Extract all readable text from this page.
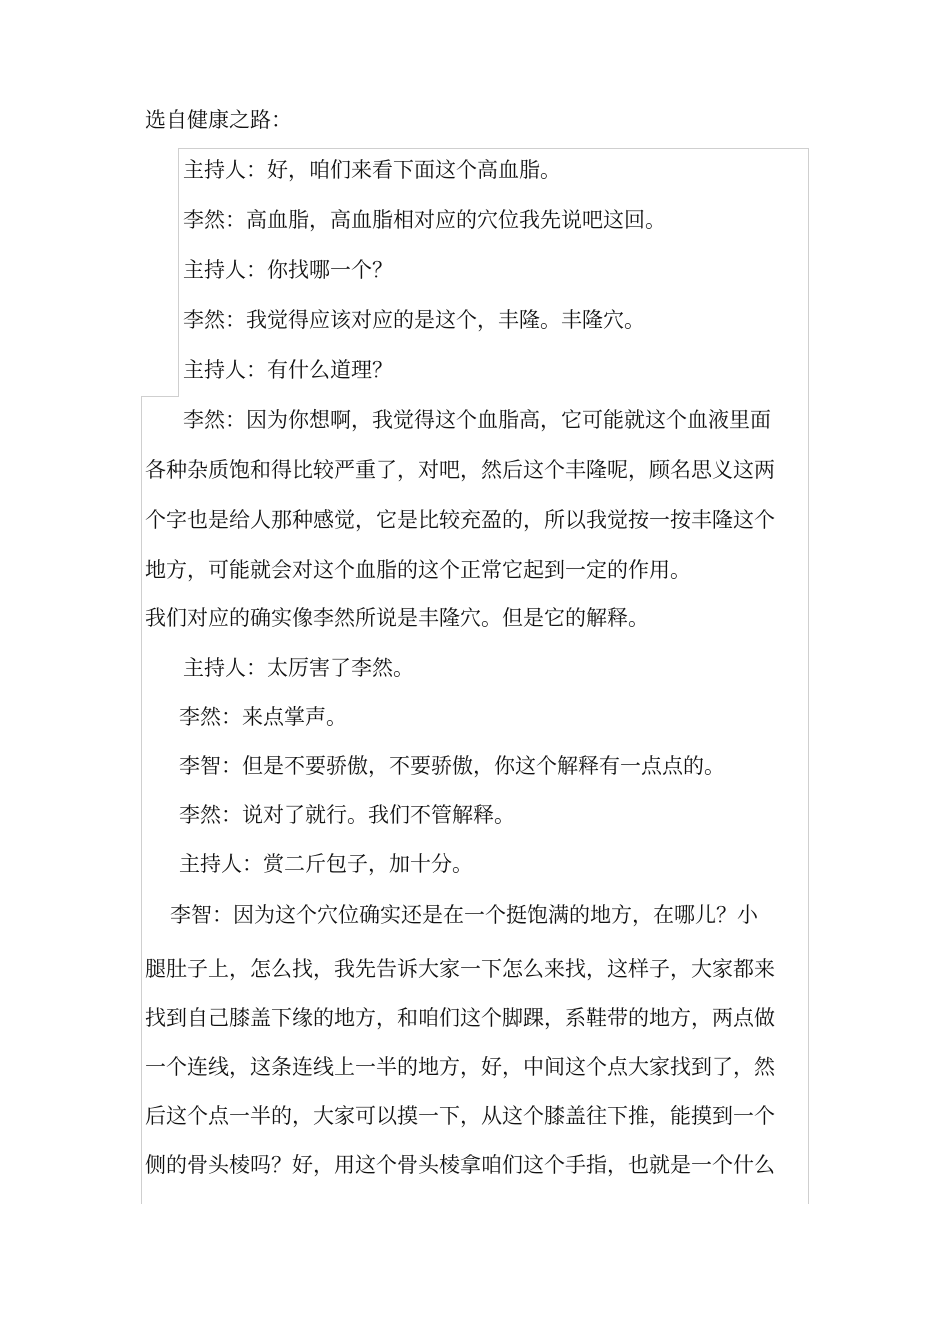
选自健康之路：
主持人：好，咱们来看下面这个高血脂。
李然：高血脂，高血脂相对应的穴位我先说吧这回。
主持人：你找哪一个？
李然：我觉得应该对应的是这个，丰隆。丰隆穴。
主持人：有什么道理？
李然：因为你想啊，我觉得这个血脂高，它可能就这个血液里面
各种杂质饱和得比较严重了，对吧，然后这个丰隆呢，顾名思义这两
个字也是给人那种感觉，它是比较充盈的，所以我觉按一按丰隆这个
地方，可能就会对这个血脂的这个正常它起到一定的作用。
我们对应的确实像李然所说是丰隆穴。但是它的解释。
主持人：太厉害了李然。
李然：来点掌声。
李智：但是不要骄傲，不要骄傲，你这个解释有一点点的。
李然：说对了就行。我们不管解释。
主持人：赏二斤包子，加十分。
李智：因为这个穴位确实还是在一个挺饱满的地方，在哪儿？小
腿肚子上，怎么找，我先告诉大家一下怎么来找，这样子，大家都来
找到自己膝盖下缘的地方，和咱们这个脚踝，系鞋带的地方，两点做
一个连线，这条连线上一半的地方，好，中间这个点大家找到了，然
后这个点一半的，大家可以摸一下，从这个膝盖往下推，能摸到一个
侧的骨头棱吗？好，用这个骨头棱拿咱们这个手指，也就是一个什么
